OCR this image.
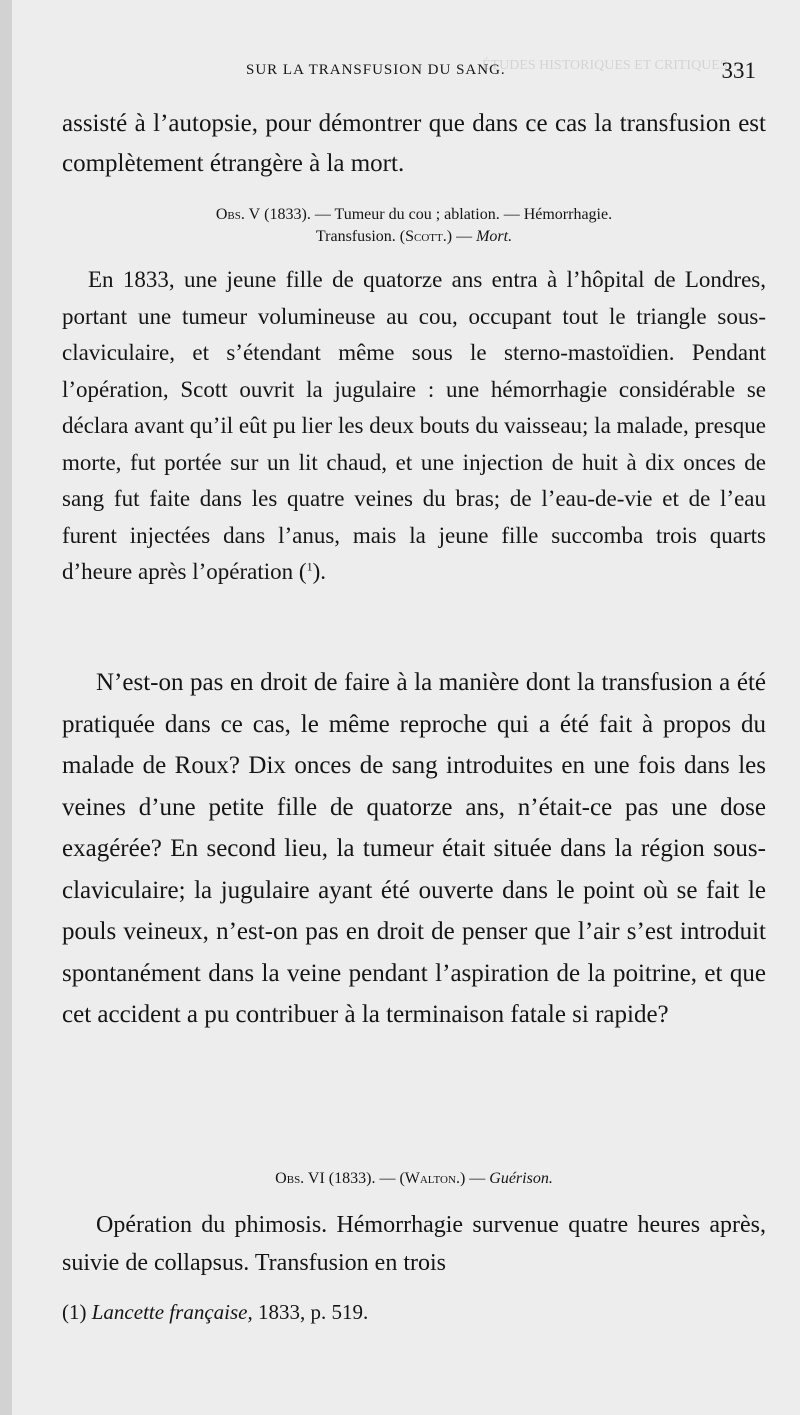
ÉTUDES HISTORIQUES ET CRITIQUES
SUR LA TRANSFUSION DU SANG.	331

assisté à l’autopsie, pour démontrer que dans ce cas la transfusion est complètement étrangère à la mort.

Obs. V (1833). — Tumeur du cou ; ablation. — Hémorrhagie.
Transfusion. (Scott.) — Mort.

En 1833, une jeune fille de quatorze ans entra à l’hôpital de Londres, portant une tumeur volumineuse au cou, occupant tout le triangle sous-claviculaire, et s’étendant même sous le sterno-mastoïdien. Pendant l’opération, Scott ouvrit la jugulaire : une hémorrhagie considérable se déclara avant qu’il eût pu lier les deux bouts du vaisseau; la malade, presque morte, fut portée sur un lit chaud, et une injection de huit à dix onces de sang fut faite dans les quatre veines du bras; de l’eau-de-vie et de l’eau furent injectées dans l’anus, mais la jeune fille succomba trois quarts d’heure après l’opération ($^1$).

N’est-on pas en droit de faire à la manière dont la transfusion a été pratiquée dans ce cas, le même reproche qui a été fait à propos du malade de Roux? Dix onces de sang introduites en une fois dans les veines d’une petite fille de quatorze ans, n’était-ce pas une dose exagérée? En second lieu, la tumeur était située dans la région sous-claviculaire; la jugulaire ayant été ouverte dans le point où se fait le pouls veineux, n’est-on pas en droit de penser que l’air s’est introduit spontanément dans la veine pendant l’aspiration de la poitrine, et que cet accident a pu contribuer à la terminaison fatale si rapide?

Obs. VI (1833). — (Walton.) — Guérison.

Opération du phimosis. Hémorrhagie survenue quatre heures après, suivie de collapsus. Transfusion en trois

(1) Lancette française, 1833, p. 519.
